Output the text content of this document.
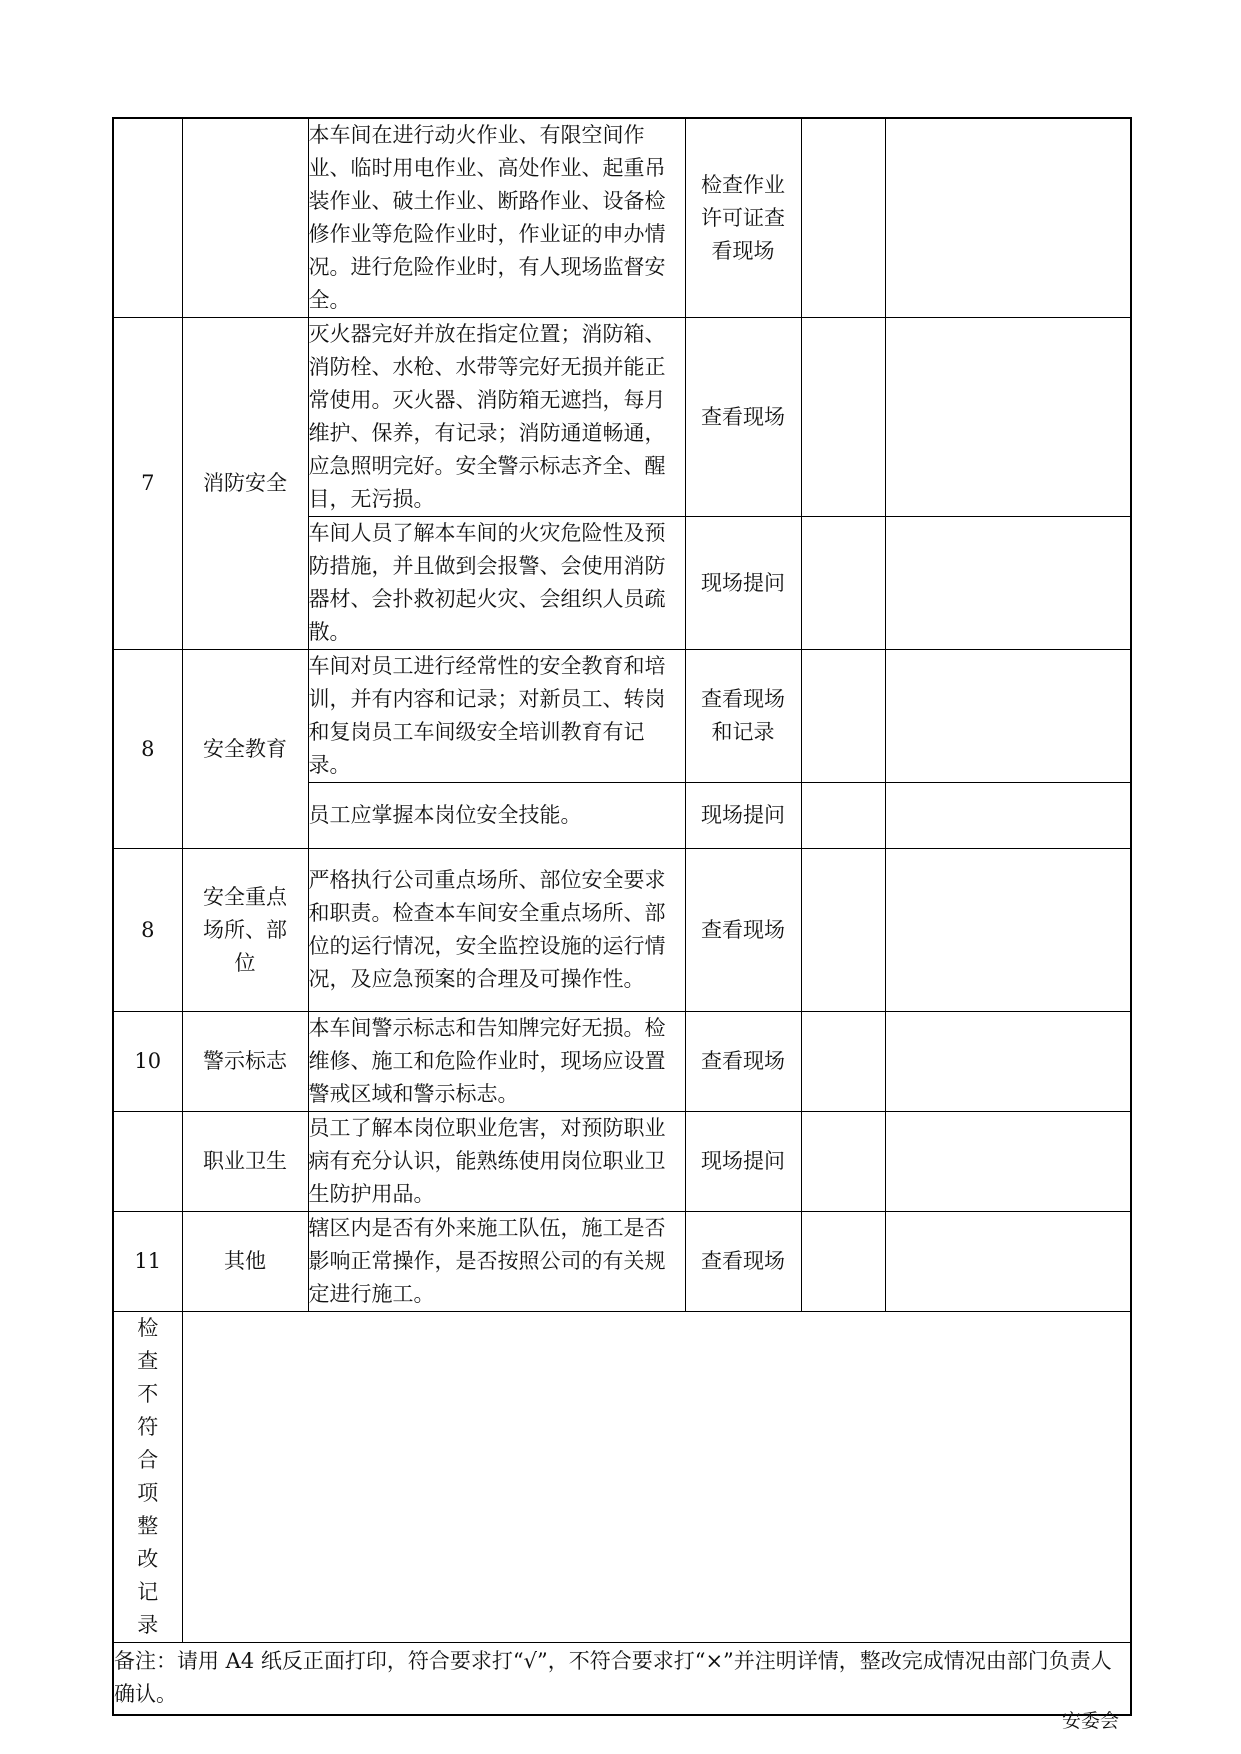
		本车间在进行动火作业、有限空间作业、临时用电作业、高处作业、起重吊装作业、破土作业、断路作业、设备检修作业等危险作业时，作业证的申办情况。进行危险作业时，有人现场监督安全。	检查作业许可证查看现场		
7	消防安全	灭火器完好并放在指定位置；消防箱、消防栓、水枪、水带等完好无损并能正常使用。灭火器、消防箱无遮挡，每月维护、保养，有记录；消防通道畅通，应急照明完好。安全警示标志齐全、醒目，无污损。	查看现场		
		车间人员了解本车间的火灾危险性及预防措施，并且做到会报警、会使用消防器材、会扑救初起火灾、会组织人员疏散。	现场提问		
8	安全教育	车间对员工进行经常性的安全教育和培训，并有内容和记录；对新员工、转岗和复岗员工车间级安全培训教育有记录。	查看现场和记录		
		员工应掌握本岗位安全技能。	现场提问		
8	安全重点场所、部位	严格执行公司重点场所、部位安全要求和职责。检查本车间安全重点场所、部位的运行情况，安全监控设施的运行情况，及应急预案的合理及可操作性。	查看现场		
10	警示标志	本车间警示标志和告知牌完好无损。检维修、施工和危险作业时，现场应设置警戒区域和警示标志。	查看现场		
	职业卫生	员工了解本岗位职业危害，对预防职业病有充分认识，能熟练使用岗位职业卫生防护用品。	现场提问		
11	其他	辖区内是否有外来施工队伍，施工是否影响正常操作，是否按照公司的有关规定进行施工。	查看现场		
检查不符合项整改记录					
备注：请用 A4 纸反正面打印，符合要求打“√”，不符合要求打“×”并注明详情，整改完成情况由部门负责人确认。					
安委会
